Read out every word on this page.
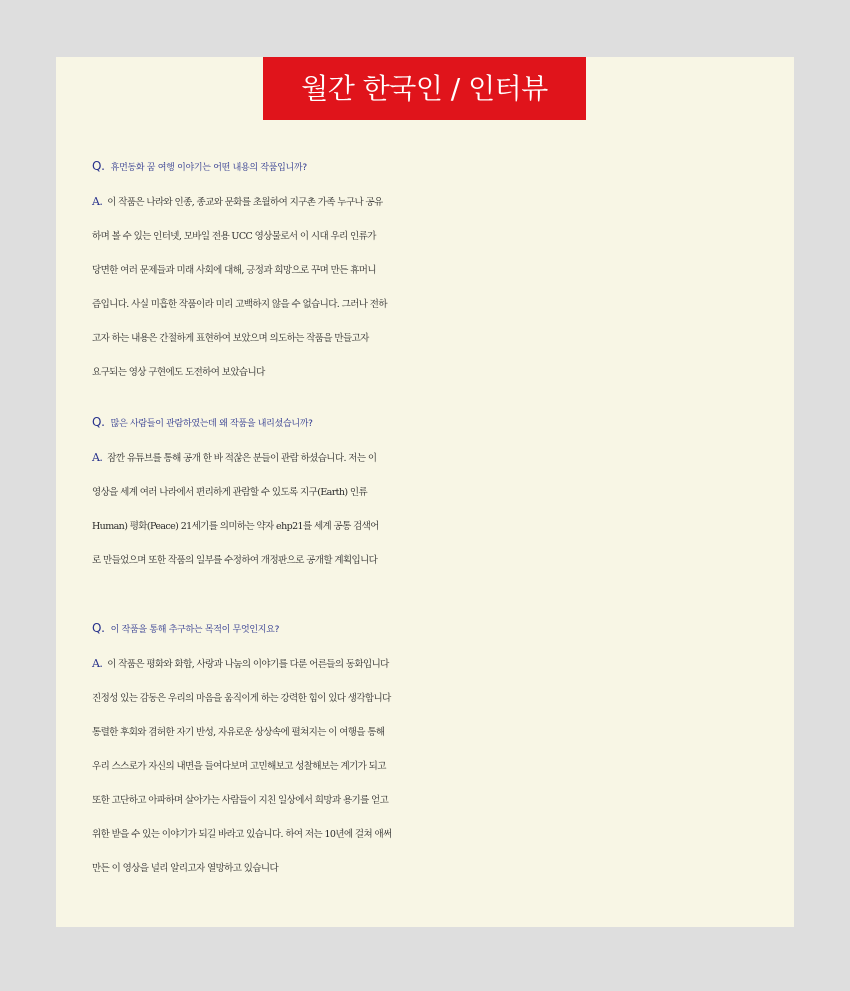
월간 한국인 / 인터뷰
Q. 휴먼동화 꿈 여행 이야기는 어떤 내용의 작품입니까?
A. 이 작품은 나라와 인종, 종교와 문화를 초월하여 지구촌 가족 누구나 공유
하며 볼 수 있는 인터넷, 모바일 전용 UCC 영상물로서 이 시대 우리 인류가
당면한 여러 문제들과 미래 사회에 대해, 긍정과 희망으로 꾸며 만든 휴머니
즘입니다. 사실 미흡한 작품이라 미리 고백하지 않을 수 없습니다. 그러나 전하
고자 하는 내용은 간절하게 표현하여 보았으며 의도하는 작품을 만들고자
요구되는 영상 구현에도 도전하여 보았습니다
Q. 많은 사람들이 관람하였는데 왜 작품을 내리셨습니까?
A. 잠깐 유튜브를 통해 공개 한 바 적잖은 분들이 관람 하셨습니다. 저는 이
영상을 세계 여러 나라에서 편리하게 관람할 수 있도록 지구(Earth) 인류
Human) 평화(Peace) 21세기를 의미하는 약자 ehp21를 세계 공통 검색어
로 만들었으며 또한 작품의 일부를 수정하여 개정판으로 공개할 계획입니다
Q. 이 작품을 통해 추구하는 목적이 무엇인지요?
A. 이 작품은 평화와 화합, 사랑과 나눔의 이야기를 다룬 어른들의 동화입니다
진정성 있는 감동은 우리의 마음을 움직이게 하는 강력한 힘이 있다 생각합니다
통렬한 후회와 겸허한 자기 반성, 자유로운 상상속에 펼쳐지는 이 여행을 통해
우리 스스로가 자신의 내면을 들여다보며 고민해보고 성찰해보는 계기가 되고
또한 고단하고 아파하며 살아가는 사람들이 지친 일상에서 희망과 용기를 얻고
위한 받을 수 있는 이야기가 되길 바라고 있습니다. 하여 저는 10년에 걸쳐 애써
만든 이 영상을 널리 알리고자 열망하고 있습니다
